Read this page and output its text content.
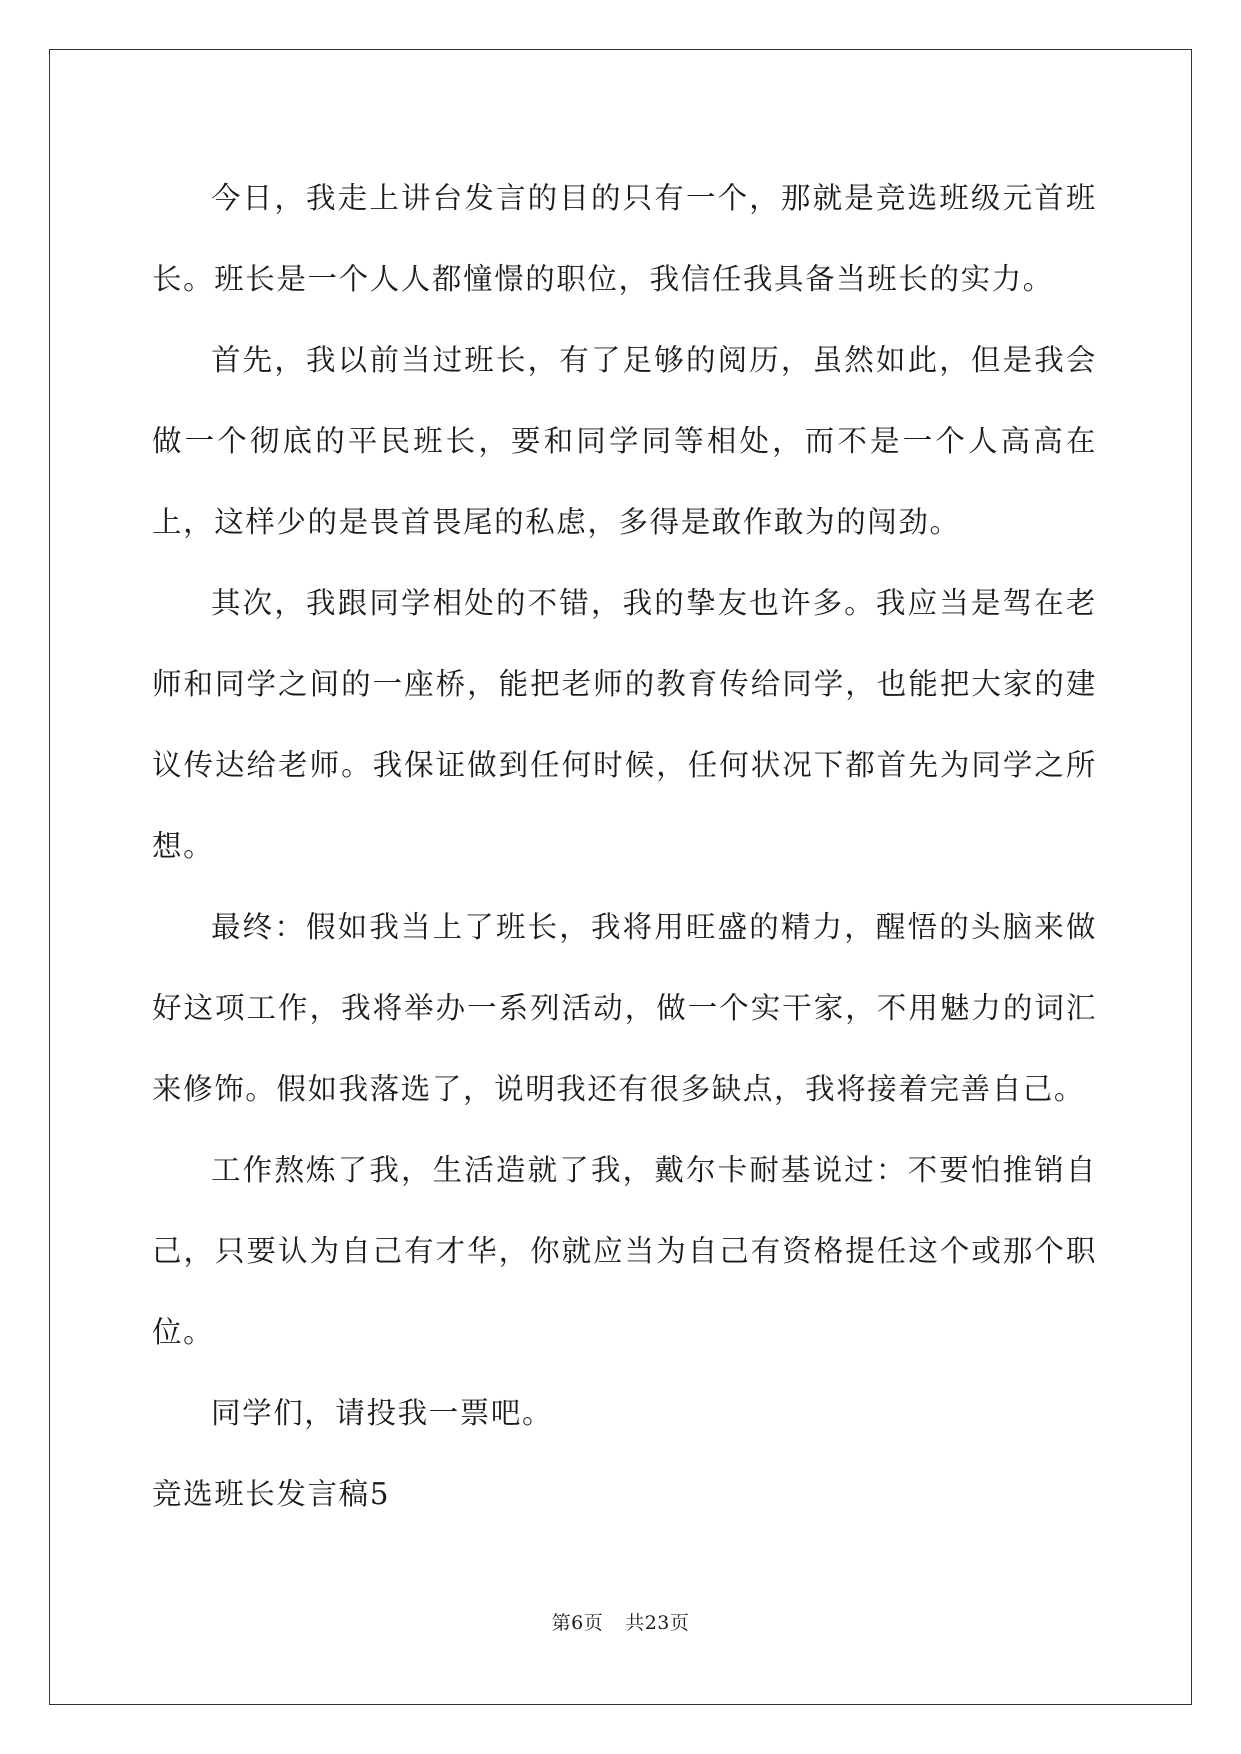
今日，我走上讲台发言的目的只有一个，那就是竞选班级元首班长。班长是一个人人都憧憬的职位，我信任我具备当班长的实力。

首先，我以前当过班长，有了足够的阅历，虽然如此，但是我会做一个彻底的平民班长，要和同学同等相处，而不是一个人高高在上，这样少的是畏首畏尾的私虑，多得是敢作敢为的闯劲。

其次，我跟同学相处的不错，我的挚友也许多。我应当是驾在老师和同学之间的一座桥，能把老师的教育传给同学，也能把大家的建议传达给老师。我保证做到任何时候，任何状况下都首先为同学之所想。

最终：假如我当上了班长，我将用旺盛的精力，醒悟的头脑来做好这项工作，我将举办一系列活动，做一个实干家，不用魅力的词汇来修饰。假如我落选了，说明我还有很多缺点，我将接着完善自己。

工作熬炼了我，生活造就了我，戴尔卡耐基说过：不要怕推销自己，只要认为自己有才华，你就应当为自己有资格提任这个或那个职位。

同学们，请投我一票吧。

竞选班长发言稿5

第6页 共23页
